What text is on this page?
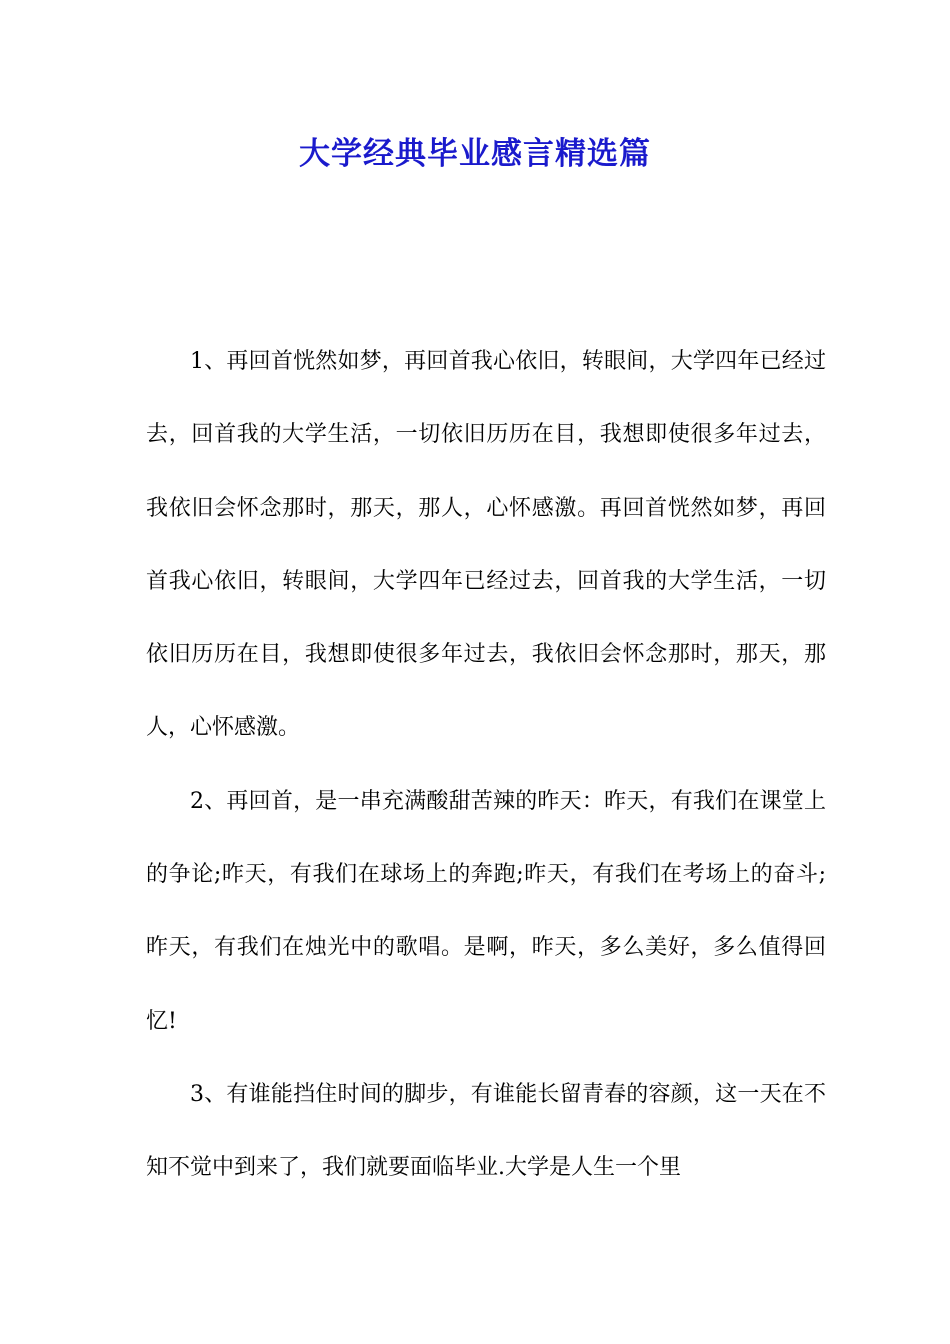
大学经典毕业感言精选篇

1、再回首恍然如梦，再回首我心依旧，转眼间，大学四年已经过去，回首我的大学生活，一切依旧历历在目，我想即使很多年过去，我依旧会怀念那时，那天，那人，心怀感激。再回首恍然如梦，再回首我心依旧，转眼间，大学四年已经过去，回首我的大学生活，一切依旧历历在目，我想即使很多年过去，我依旧会怀念那时，那天，那人，心怀感激。

2、再回首，是一串充满酸甜苦辣的昨天：昨天，有我们在课堂上的争论;昨天，有我们在球场上的奔跑;昨天，有我们在考场上的奋斗;昨天，有我们在烛光中的歌唱。是啊，昨天，多么美好，多么值得回忆!

3、有谁能挡住时间的脚步，有谁能长留青春的容颜，这一天在不知不觉中到来了，我们就要面临毕业.大学是人生一个里
